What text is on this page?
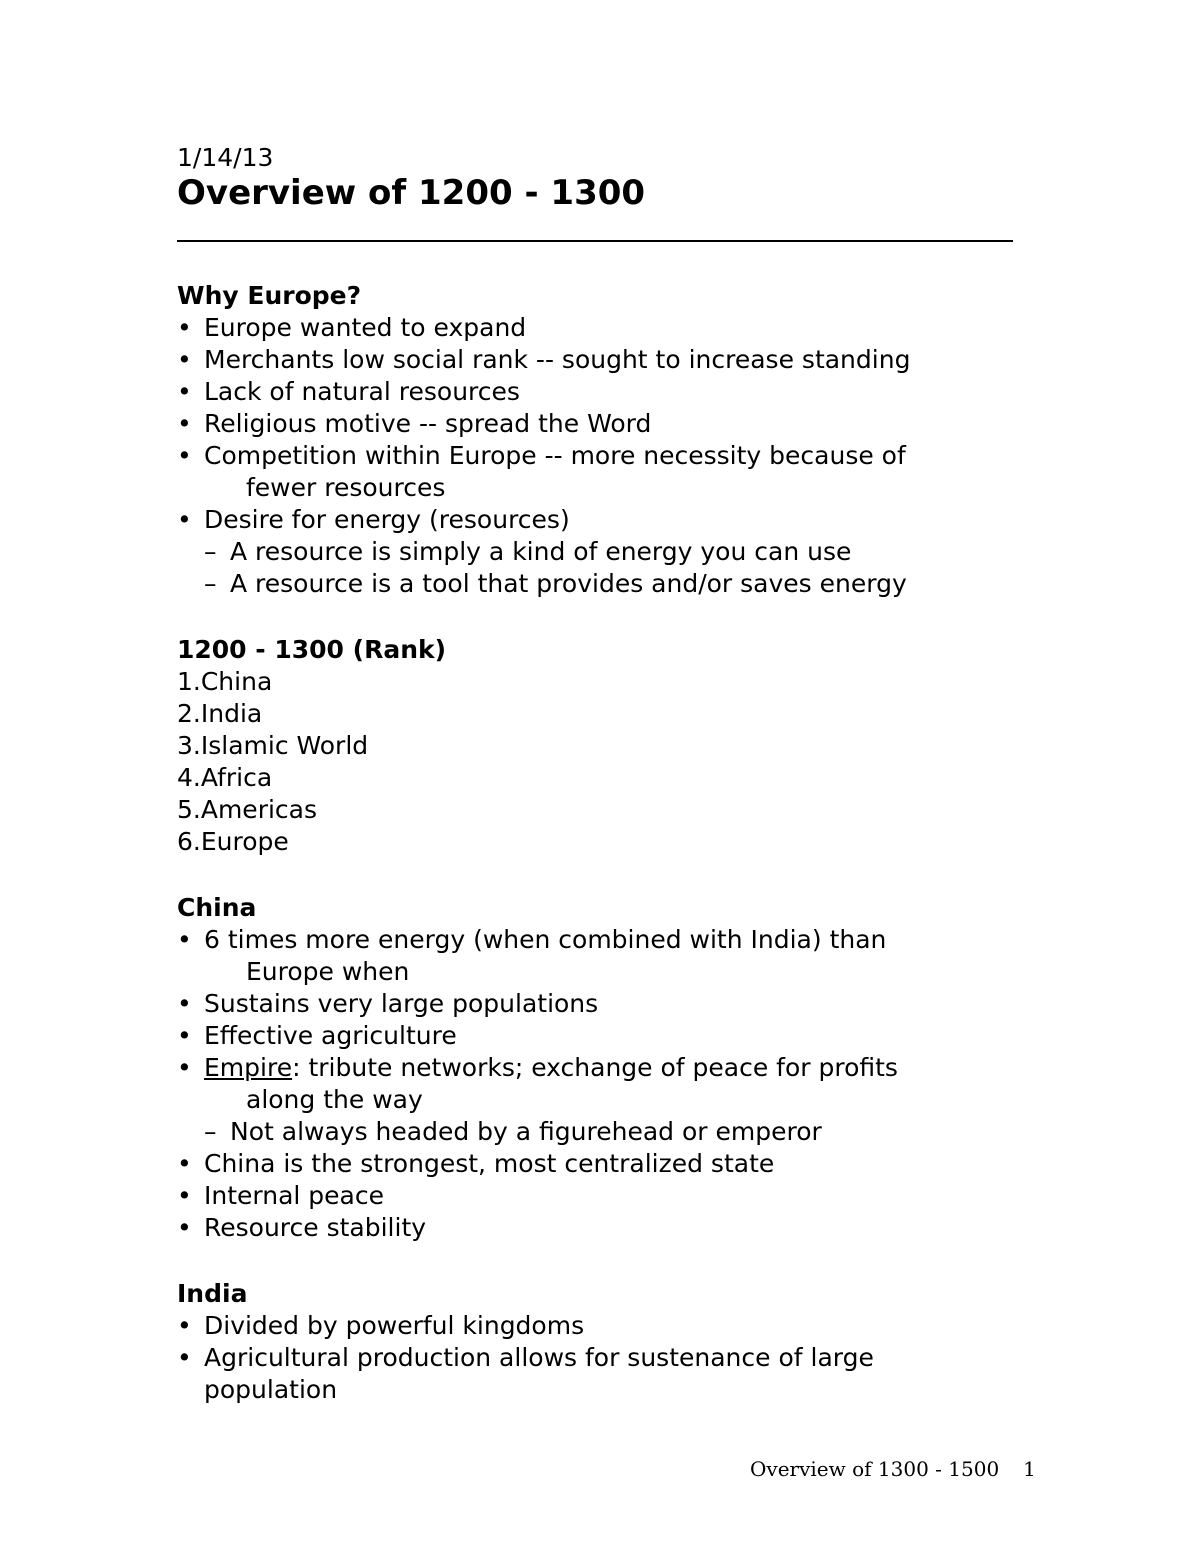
1/14/13

Overview of 1200 - 1300

Why Europe?

• Europe wanted to expand
• Merchants low social rank -- sought to increase standing
• Lack of natural resources
• Religious motive -- spread the Word
• Competition within Europe -- more necessity because of
fewer resources
• Desire for energy (resources)
– A resource is simply a kind of energy you can use
– A resource is a tool that provides and/or saves energy

1200 - 1300 (Rank)

1.China
2.India
3.Islamic World
4.Africa
5.Americas
6.Europe

China

• 6 times more energy (when combined with India) than
Europe when
• Sustains very large populations
• Effective agriculture
• Empire: tribute networks; exchange of peace for profits
along the way
– Not always headed by a figurehead or emperor
• China is the strongest, most centralized state
• Internal peace
• Resource stability

India

• Divided by powerful kingdoms
• Agricultural production allows for sustenance of large
population
Overview of 1300 - 1500 1
